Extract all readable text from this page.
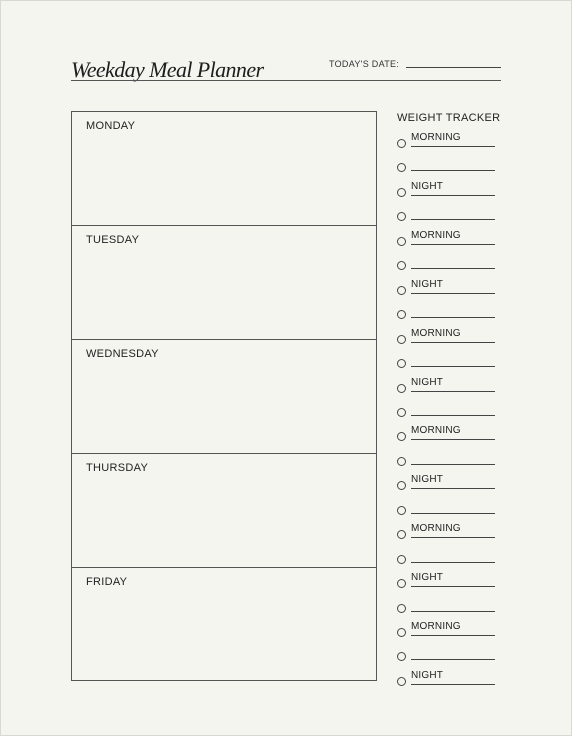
Weekday Meal Planner	TODAY'S DATE:
MONDAY
TUESDAY
WEDNESDAY
THURSDAY
FRIDAY
WEIGHT TRACKER
MORNING
NIGHT
MORNING
NIGHT
MORNING
NIGHT
MORNING
NIGHT
MORNING
NIGHT
MORNING
NIGHT
